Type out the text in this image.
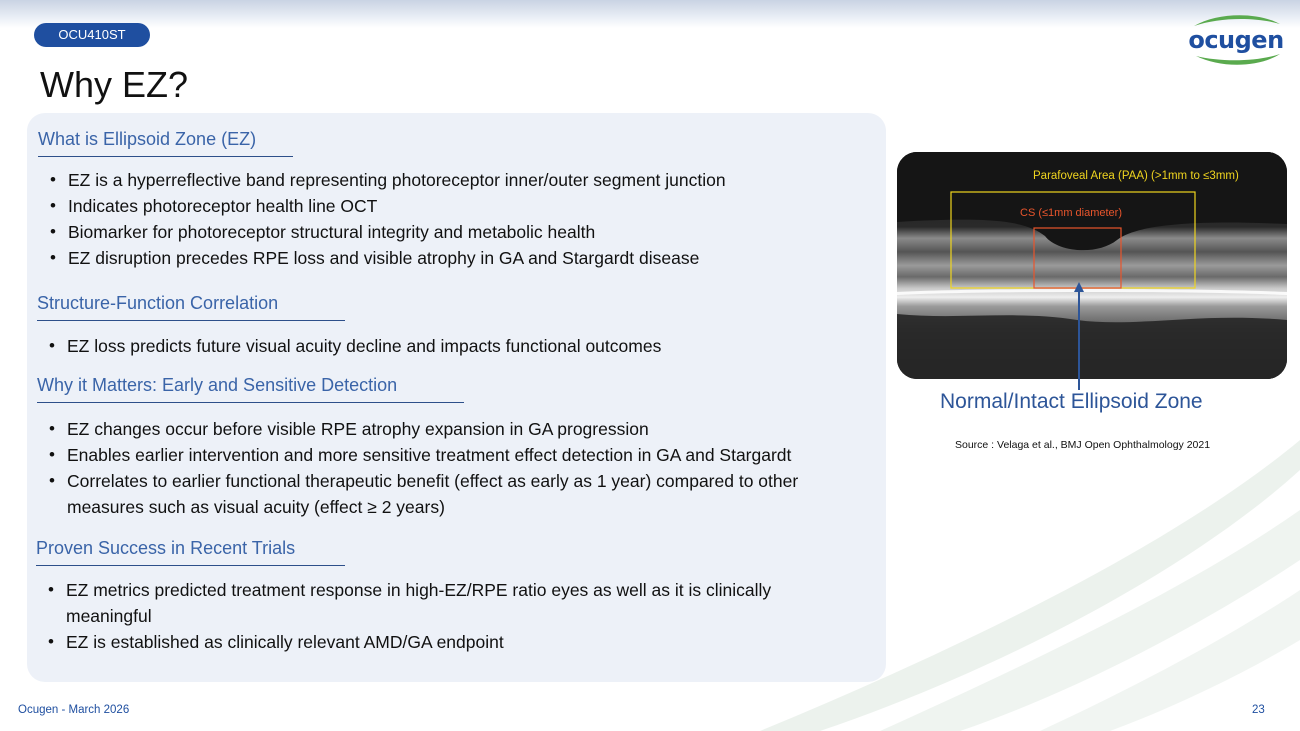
OCU410ST	ocugen
Why EZ?
What is Ellipsoid Zone (EZ)
• EZ is a hyperreflective band representing photoreceptor inner/outer segment junction
• Indicates photoreceptor health line OCT
• Biomarker for photoreceptor structural integrity and metabolic health
• EZ disruption precedes RPE loss and visible atrophy in GA and Stargardt disease
Structure-Function Correlation
• EZ loss predicts future visual acuity decline and impacts functional outcomes
Why it Matters: Early and Sensitive Detection
• EZ changes occur before visible RPE atrophy expansion in GA progression
• Enables earlier intervention and more sensitive treatment effect detection in GA and Stargardt
• Correlates to earlier functional therapeutic benefit (effect as early as 1 year) compared to other measures such as visual acuity (effect ≥ 2 years)
Proven Success in Recent Trials
• EZ metrics predicted treatment response in high-EZ/RPE ratio eyes as well as it is clinically meaningful
• EZ is established as clinically relevant AMD/GA endpoint
Parafoveal Area (PAA) (>1mm to ≤3mm)
CS (≤1mm diameter)
Normal/Intact Ellipsoid Zone
Source : Velaga et al., BMJ Open Ophthalmology 2021
Ocugen - March 2026	23
